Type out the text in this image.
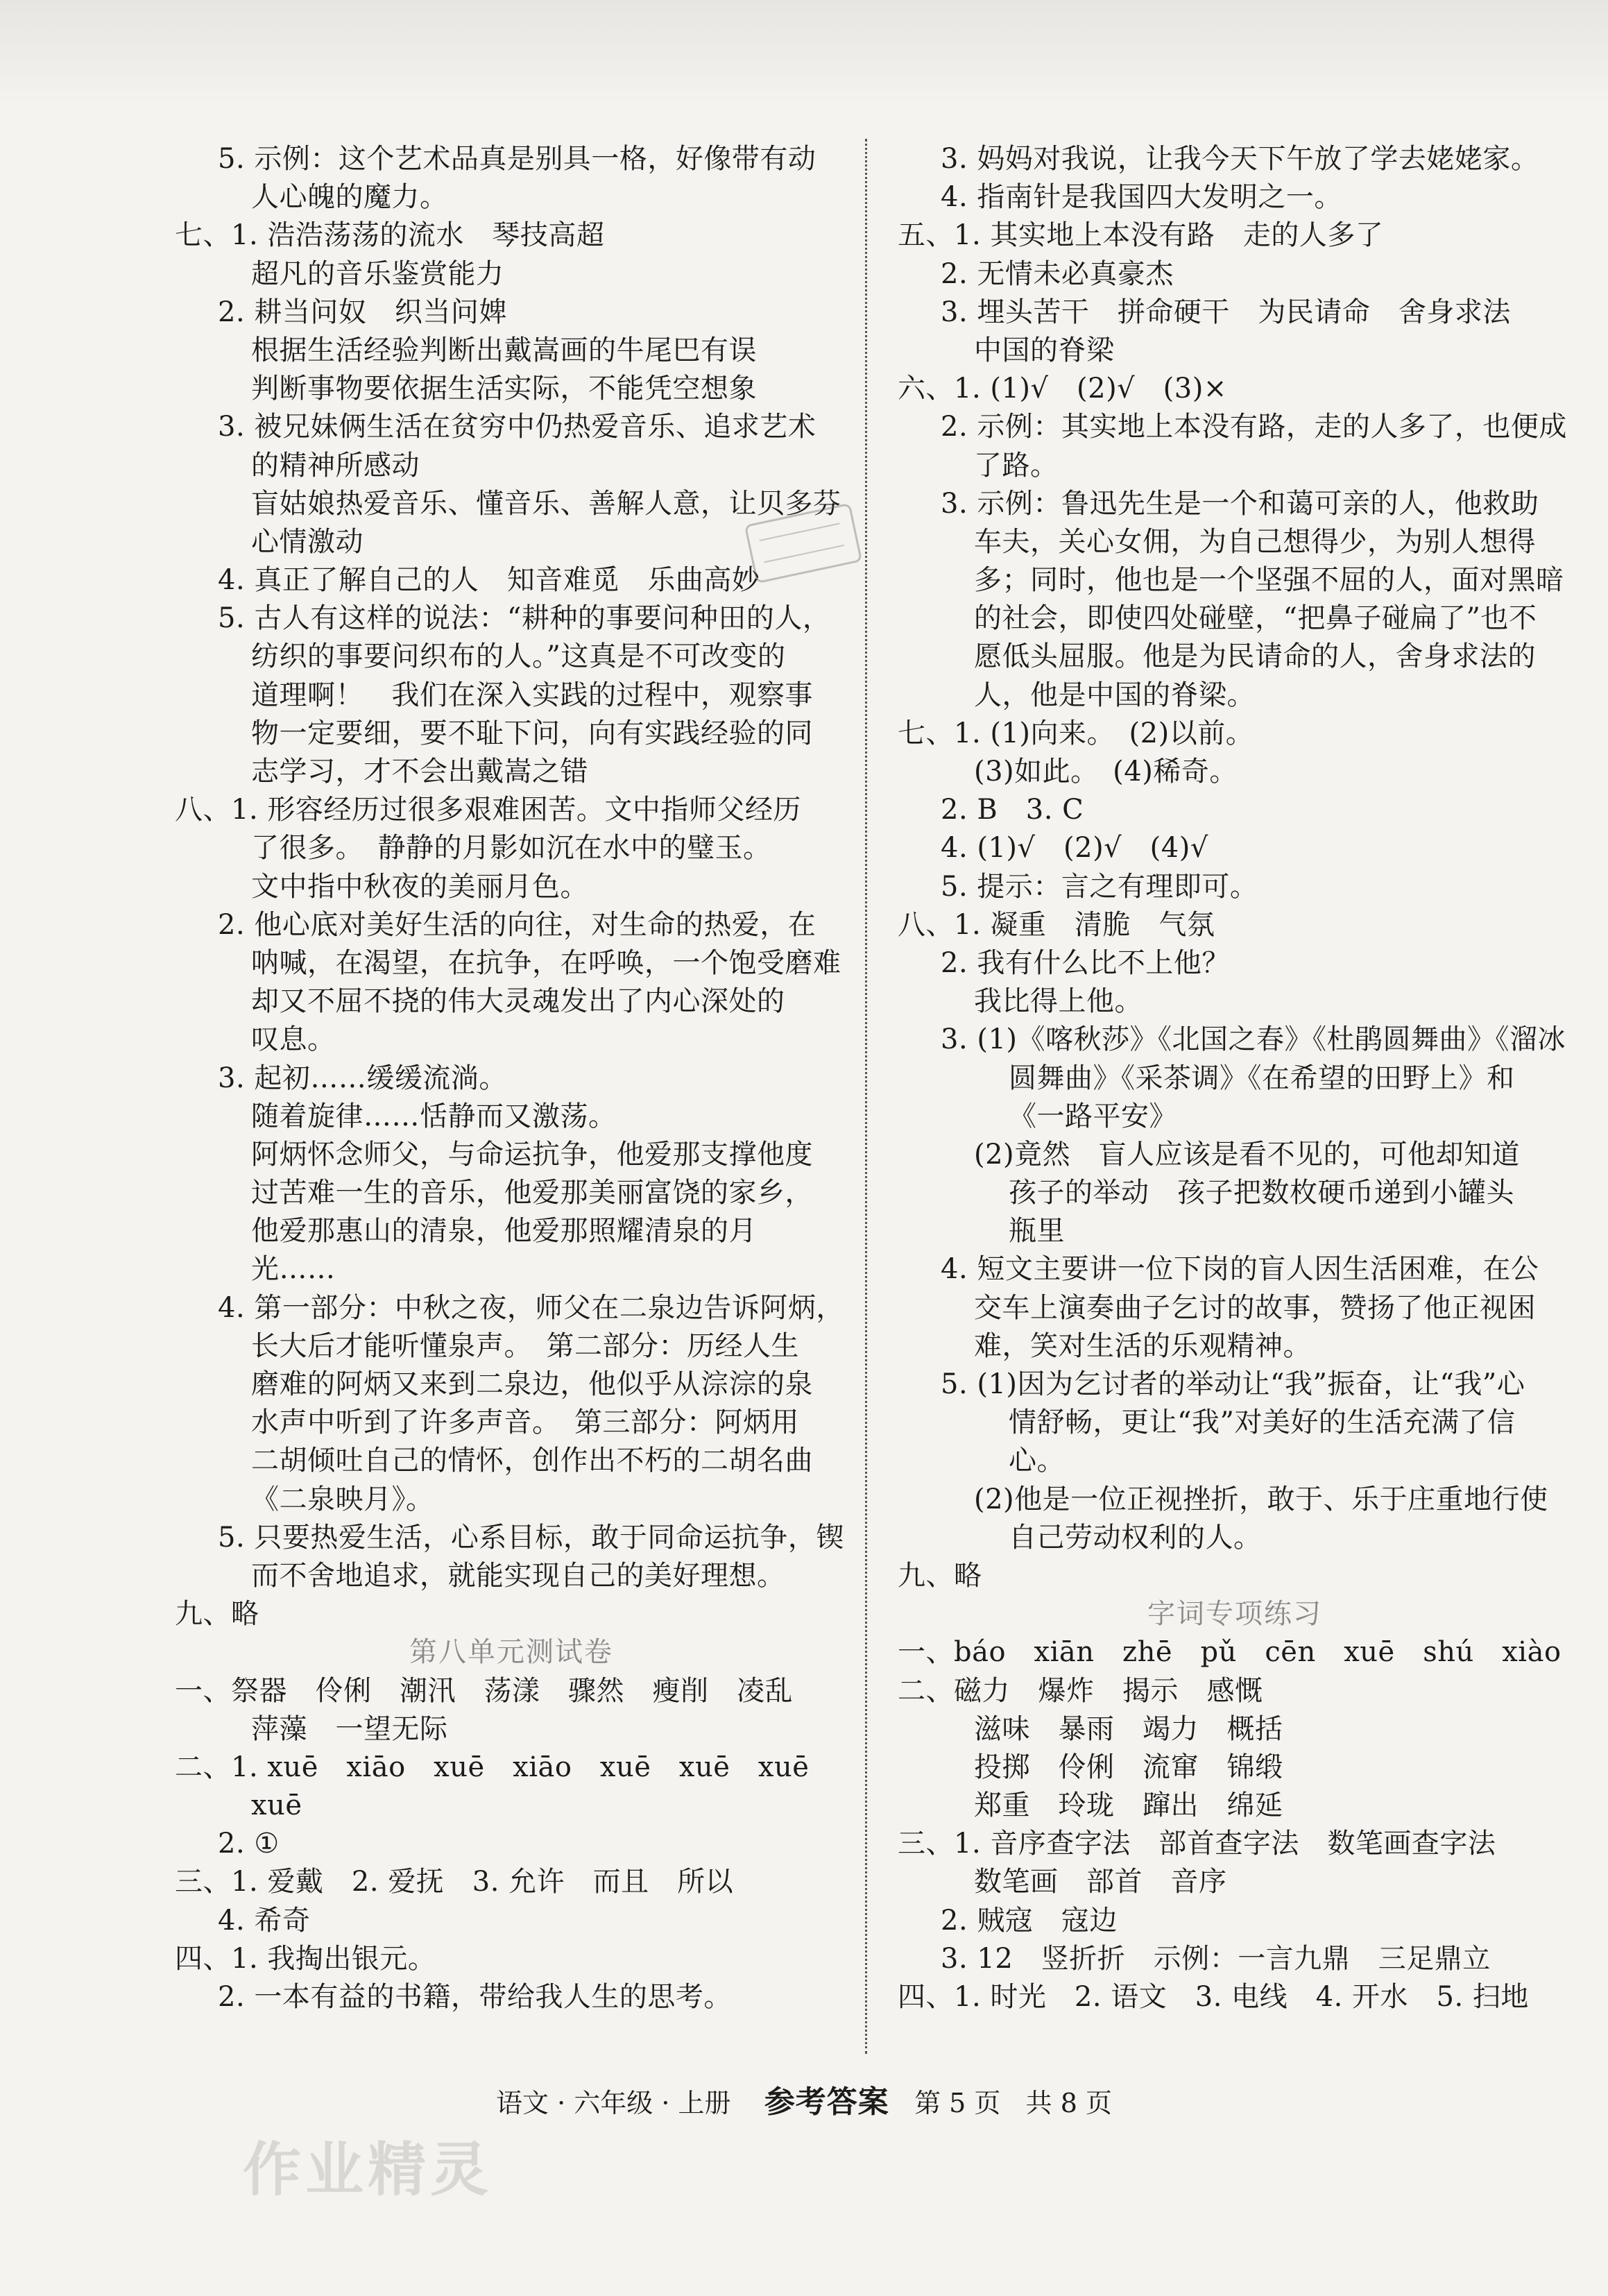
5. 示例：这个艺术品真是别具一格，好像带有动
人心魄的魔力。
七、1. 浩浩荡荡的流水　琴技高超
超凡的音乐鉴赏能力
2. 耕当问奴　织当问婢
根据生活经验判断出戴嵩画的牛尾巴有误
判断事物要依据生活实际，不能凭空想象
3. 被兄妹俩生活在贫穷中仍热爱音乐、追求艺术
的精神所感动
盲姑娘热爱音乐、懂音乐、善解人意，让贝多芬
心情激动
4. 真正了解自己的人　知音难觅　乐曲高妙
5. 古人有这样的说法：“耕种的事要问种田的人，
纺织的事要问织布的人。”这真是不可改变的
道理啊！　我们在深入实践的过程中，观察事
物一定要细，要不耻下问，向有实践经验的同
志学习，才不会出戴嵩之错
八、1. 形容经历过很多艰难困苦。文中指师父经历
了很多。　静静的月影如沉在水中的璧玉。
文中指中秋夜的美丽月色。
2. 他心底对美好生活的向往，对生命的热爱，在
呐喊，在渴望，在抗争，在呼唤，一个饱受磨难
却又不屈不挠的伟大灵魂发出了内心深处的
叹息。
3. 起初……缓缓流淌。
随着旋律……恬静而又激荡。
阿炳怀念师父，与命运抗争，他爱那支撑他度
过苦难一生的音乐，他爱那美丽富饶的家乡，
他爱那惠山的清泉，他爱那照耀清泉的月
光……
4. 第一部分：中秋之夜，师父在二泉边告诉阿炳，
长大后才能听懂泉声。　第二部分：历经人生
磨难的阿炳又来到二泉边，他似乎从淙淙的泉
水声中听到了许多声音。　第三部分：阿炳用
二胡倾吐自己的情怀，创作出不朽的二胡名曲
《二泉映月》。
5. 只要热爱生活，心系目标，敢于同命运抗争，锲
而不舍地追求，就能实现自己的美好理想。
九、略
第八单元测试卷
一、祭器　伶俐　潮汛　荡漾　骤然　瘦削　凌乱
萍藻　一望无际
二、1. xuē　xiāo　xuē　xiāo　xuē　xuē　xuē
xuē
2. ①
三、1. 爱戴　2. 爱抚　3. 允许　而且　所以
4. 希奇
四、1. 我掏出银元。
2. 一本有益的书籍，带给我人生的思考。
3. 妈妈对我说，让我今天下午放了学去姥姥家。
4. 指南针是我国四大发明之一。
五、1. 其实地上本没有路　走的人多了
2. 无情未必真豪杰
3. 埋头苦干　拼命硬干　为民请命　舍身求法
中国的脊梁
六、1. (1)√　(2)√　(3)×
2. 示例：其实地上本没有路，走的人多了，也便成
了路。
3. 示例：鲁迅先生是一个和蔼可亲的人，他救助
车夫，关心女佣，为自己想得少，为别人想得
多；同时，他也是一个坚强不屈的人，面对黑暗
的社会，即使四处碰壁，“把鼻子碰扁了”也不
愿低头屈服。他是为民请命的人，舍身求法的
人，他是中国的脊梁。
七、1. (1)向来。　(2)以前。
(3)如此。　(4)稀奇。
2. B　3. C
4. (1)√　(2)√　(4)√
5. 提示：言之有理即可。
八、1. 凝重　清脆　气氛
2. 我有什么比不上他？
我比得上他。
3. (1)《喀秋莎》《北国之春》《杜鹃圆舞曲》《溜冰
圆舞曲》《采茶调》《在希望的田野上》和
《一路平安》
(2)竟然　盲人应该是看不见的，可他却知道
孩子的举动　孩子把数枚硬币递到小罐头
瓶里
4. 短文主要讲一位下岗的盲人因生活困难，在公
交车上演奏曲子乞讨的故事，赞扬了他正视困
难，笑对生活的乐观精神。
5. (1)因为乞讨者的举动让“我”振奋，让“我”心
情舒畅，更让“我”对美好的生活充满了信
心。
(2)他是一位正视挫折，敢于、乐于庄重地行使
自己劳动权利的人。
九、略
字词专项练习
一、báo　xiān　zhē　pǔ　cēn　xuē　shú　xiào
二、磁力　爆炸　揭示　感慨
滋味　暴雨　竭力　概括
投掷　伶俐　流窜　锦缎
郑重　玲珑　蹿出　绵延
三、1. 音序查字法　部首查字法　数笔画查字法
数笔画　部首　音序
2. 贼寇　寇边
3. 12　竖折折　示例：一言九鼎　三足鼎立
四、1. 时光　2. 语文　3. 电线　4. 开水　5. 扫地
语文 · 六年级 · 上册 参考答案 第 5 页 共 8 页
作业精灵
